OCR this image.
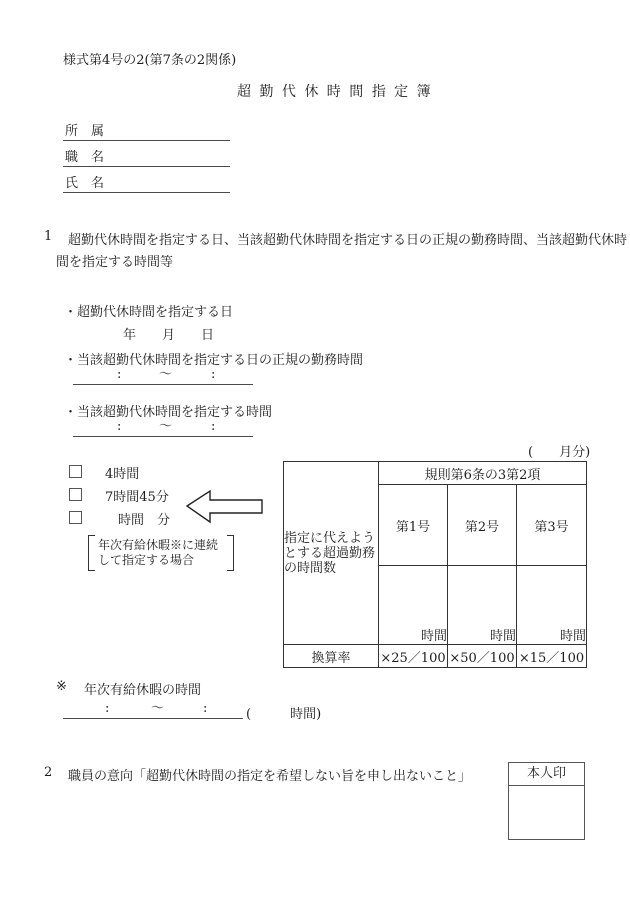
様式第4号の2(第7条の2関係)
超 勤 代 休 時 間 指 定 簿
所　属
職　名
氏　名
1 超勤代休時間を指定する日、当該超勤代休時間を指定する日の正規の勤務時間、当該超勤代休時
間を指定する時間等
・超勤代休時間を指定する日
年　　月　　日
・当該超勤代休時間を指定する日の正規の勤務時間
:	～	:
・当該超勤代休時間を指定する時間
:	～	:
4時間
7時間45分
時間　分
年次有給休暇※に連続
して指定する場合
(　　月分)
指定に代えよう
とする超過勤務
の時間数	規則第6条の3第2項		
	第1号	第2号	第3号
	時間	時間	時間
換算率	×25／100	×50／100	×15／100
※ 年次有給休暇の時間
:	～	:	(　　　時間)
2 職員の意向「超勤代休時間の指定を希望しない旨を申し出ないこと」	本人印
